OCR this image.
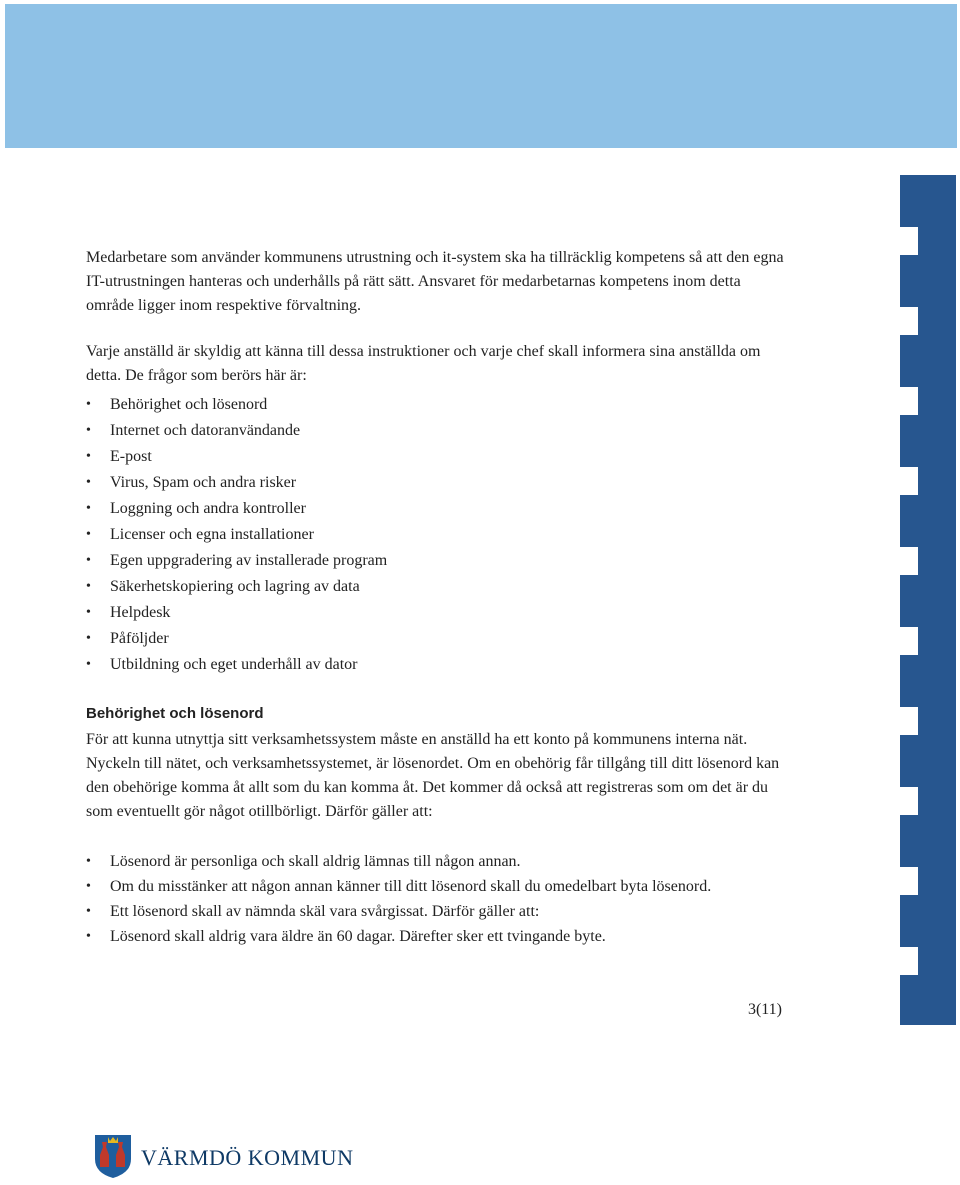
Medarbetare som använder kommunens utrustning och it-system ska ha tillräcklig kompetens så att den egna IT-utrustningen hanteras och underhålls på rätt sätt. Ansvaret för medarbetarnas kompetens inom detta område ligger inom respektive förvaltning.

Varje anställd är skyldig att känna till dessa instruktioner och varje chef skall informera sina anställda om detta. De frågor som berörs här är:

• Behörighet och lösenord
• Internet och datoranvändande
• E-post
• Virus, Spam och andra risker
• Loggning och andra kontroller
• Licenser och egna installationer
• Egen uppgradering av installerade program
• Säkerhetskopiering och lagring av data
• Helpdesk
• Påföljder
• Utbildning och eget underhåll av dator
Behörighet och lösenord

För att kunna utnyttja sitt verksamhetssystem måste en anställd ha ett konto på kommunens interna nät. Nyckeln till nätet, och verksamhetssystemet, är lösenordet. Om en obehörig får tillgång till ditt lösenord kan den obehörige komma åt allt som du kan komma åt. Det kommer då också att registreras som om det är du som eventuellt gör något otillbörligt. Därför gäller att:

• Lösenord är personliga och skall aldrig lämnas till någon annan.
• Om du misstänker att någon annan känner till ditt lösenord skall du omedelbart byta lösenord.
• Ett lösenord skall av nämnda skäl vara svårgissat. Därför gäller att:
• Lösenord skall aldrig vara äldre än 60 dagar. Därefter sker ett tvingande byte.
3(11)
VÄRMDÖ KOMMUN
